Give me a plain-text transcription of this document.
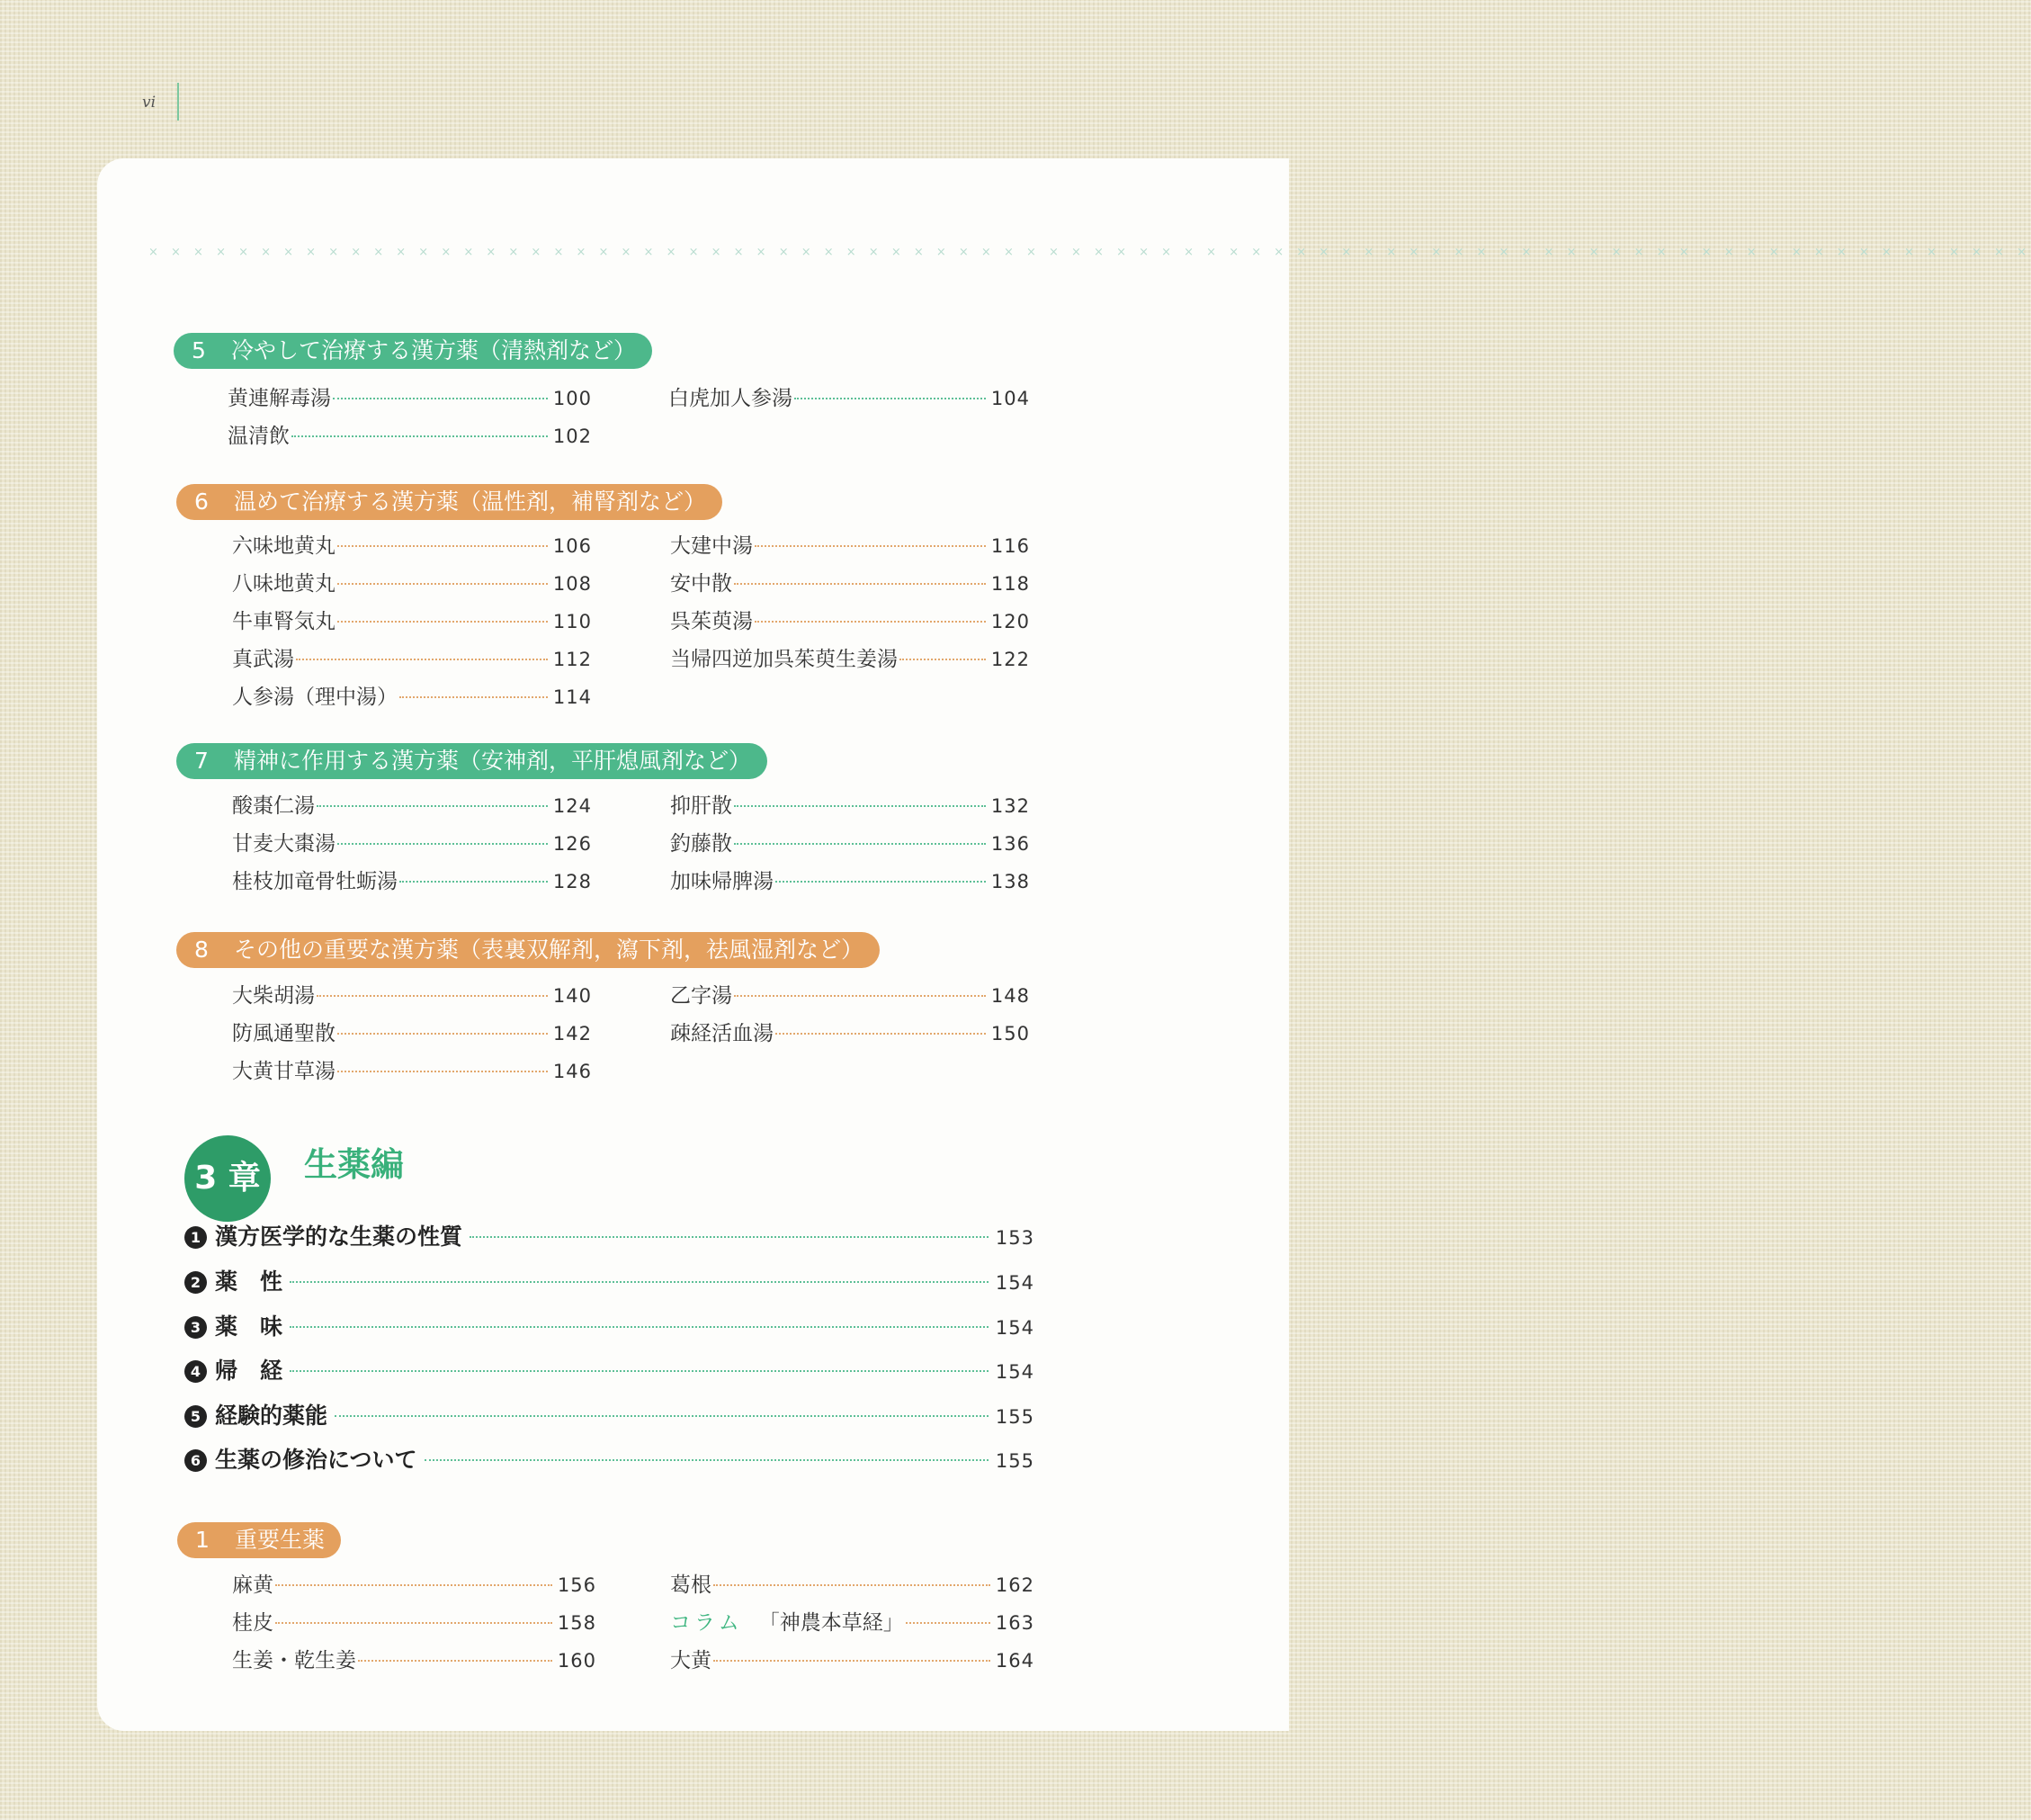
vi
× × × × × × × × × × × × × × × × × × × × × × × × × × × × × × × × × × × × × × × × × × × × × × × × × × × × × × × × × × × × × × × × × × × × × × × × × × × × × × × × × × × ×
5 冷やして治療する漢方薬（清熱剤など）
黄連解毒湯	100
温清飲	102
白虎加人参湯	104
6 温めて治療する漢方薬（温性剤，補腎剤など）
六味地黄丸	106
八味地黄丸	108
牛車腎気丸	110
真武湯	112
人参湯（理中湯）	114
大建中湯	116
安中散	118
呉茱萸湯	120
当帰四逆加呉茱萸生姜湯	122
7 精神に作用する漢方薬（安神剤，平肝熄風剤など）
酸棗仁湯	124
甘麦大棗湯	126
桂枝加竜骨牡蛎湯	128
抑肝散	132
釣藤散	136
加味帰脾湯	138
8 その他の重要な漢方薬（表裏双解剤，瀉下剤，祛風湿剤など）
大柴胡湯	140
防風通聖散	142
大黄甘草湯	146
乙字湯	148
疎経活血湯	150
3 章	生薬編
1 漢方医学的な生薬の性質	153
2 薬　性	154
3 薬　味	154
4 帰　経	154
5 経験的薬能	155
6 生薬の修治について	155
1 重要生薬
麻黄	156
桂皮	158
生姜・乾生姜	160
葛根	162
コラム 「神農本草経」	163
大黄	164
